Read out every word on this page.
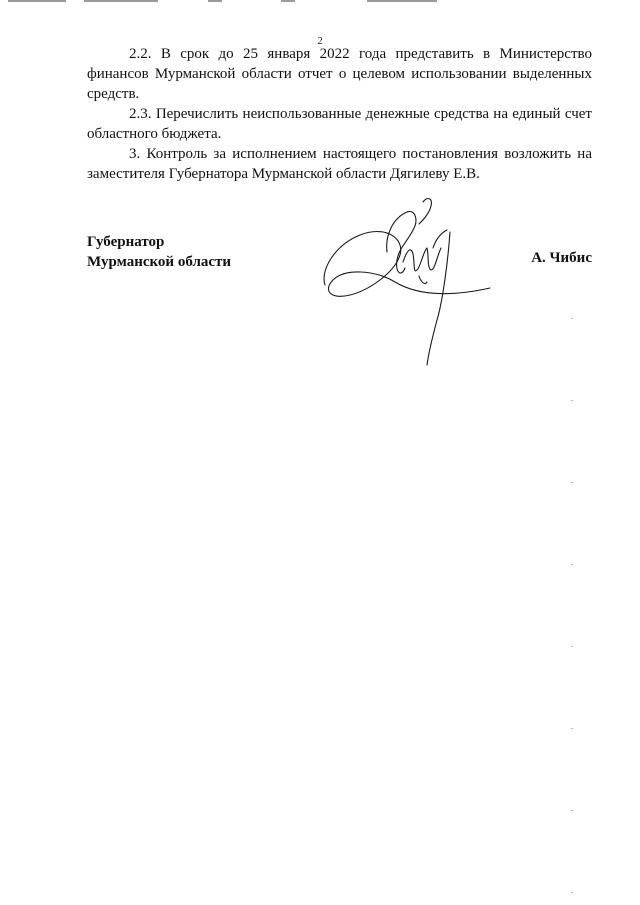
2

2.2. В срок до 25 января 2022 года представить в Министерство финансов Мурманской области отчет о целевом использовании выделенных средств.

2.3. Перечислить неиспользованные денежные средства на единый счет областного бюджета.

3. Контроль за исполнением настоящего постановления возложить на заместителя Губернатора Мурманской области Дягилеву Е.В.

Губернатор
Мурманской области	А. Чибис
